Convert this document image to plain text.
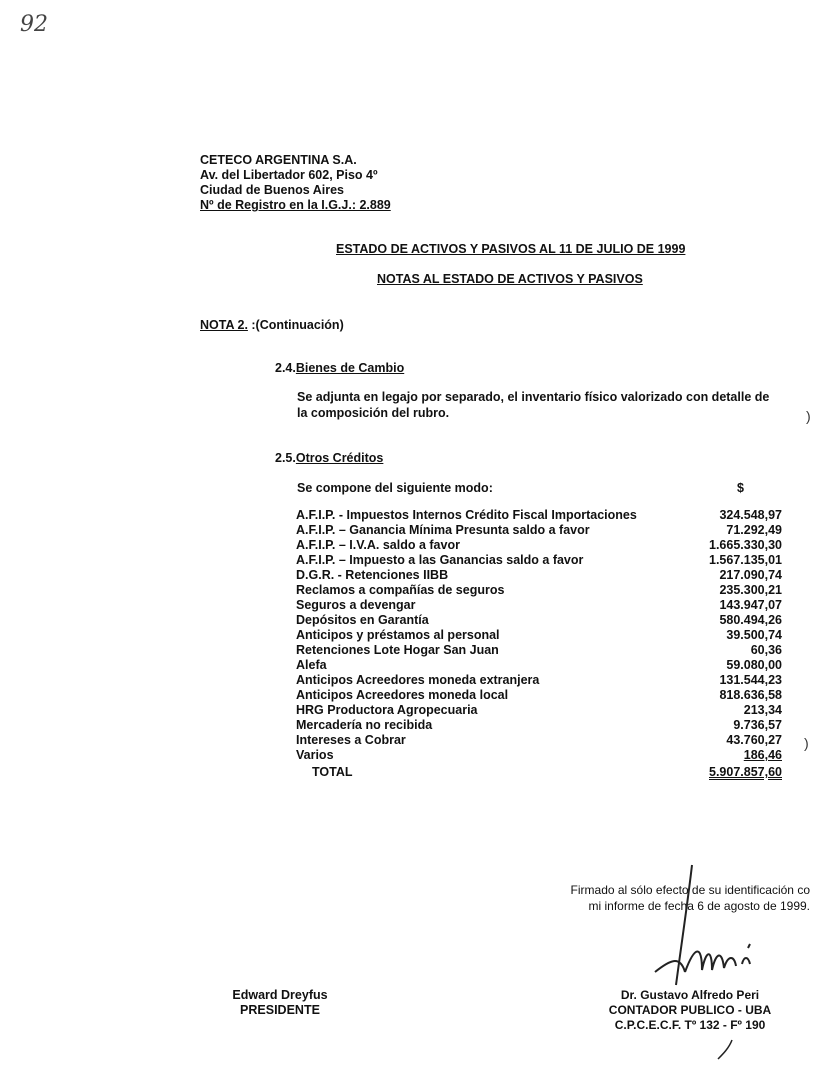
92
CETECO ARGENTINA S.A.
Av. del Libertador 602, Piso 4º
Ciudad de Buenos Aires
Nº de Registro en la I.G.J.: 2.889
ESTADO DE ACTIVOS Y PASIVOS AL 11 DE JULIO DE 1999
NOTAS AL ESTADO DE ACTIVOS Y PASIVOS
NOTA 2. :(Continuación)
2.4.Bienes de Cambio
Se adjunta en legajo por separado, el inventario físico valorizado con detalle de la composición del rubro.
2.5.Otros Créditos
Se compone del siguiente modo:	$
A.F.I.P. - Impuestos Internos Crédito Fiscal Importaciones	324.548,97
A.F.I.P. – Ganancia Mínima Presunta saldo a favor	71.292,49
A.F.I.P. – I.V.A. saldo a favor	1.665.330,30
A.F.I.P. – Impuesto a las Ganancias saldo a favor	1.567.135,01
D.G.R. - Retenciones IIBB	217.090,74
Reclamos a compañías de seguros	235.300,21
Seguros a devengar	143.947,07
Depósitos en Garantía	580.494,26
Anticipos y préstamos al personal	39.500,74
Retenciones Lote Hogar San Juan	60,36
Alefa	59.080,00
Anticipos Acreedores moneda extranjera	131.544,23
Anticipos Acreedores moneda local	818.636,58
HRG Productora Agropecuaria	213,34
Mercadería no recibida	9.736,57
Intereses a Cobrar	43.760,27
Varios	186,46
TOTAL	5.907.857,60
Firmado al sólo efecto de su identificación co
mi informe de fecha 6 de agosto de 1999.
Edward Dreyfus
PRESIDENTE
Dr. Gustavo Alfredo Peri
CONTADOR PUBLICO - UBA
C.P.C.E.C.F. Tº 132 - Fº 190
)
)
